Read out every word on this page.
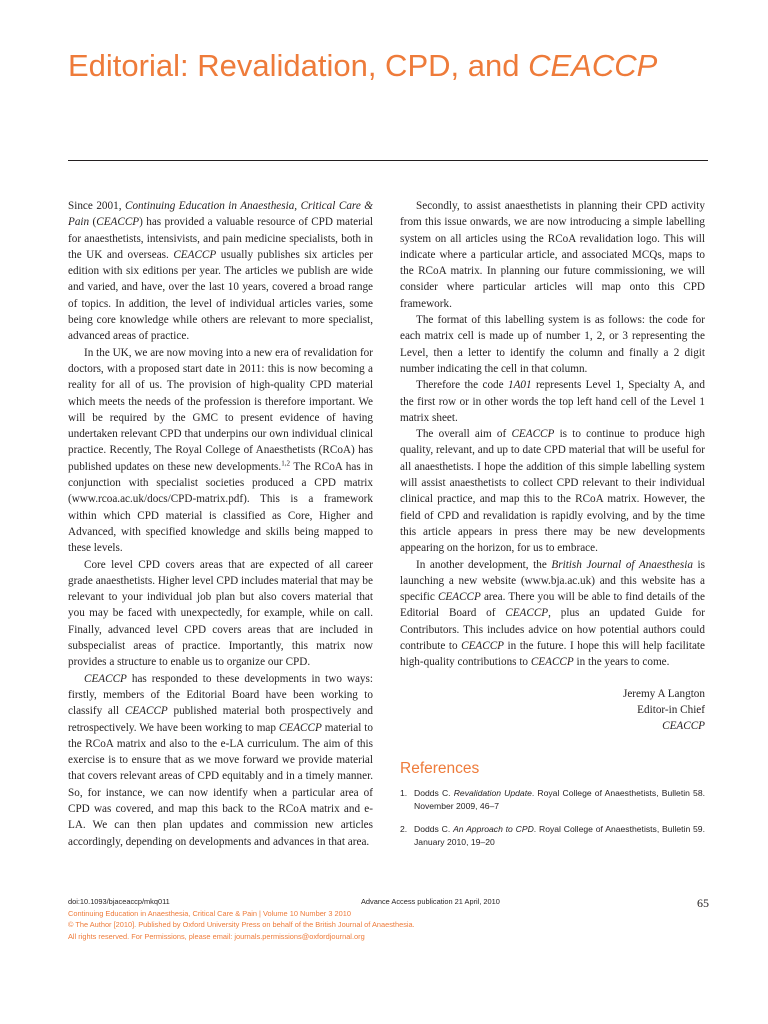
Editorial: Revalidation, CPD, and CEACCP

Since 2001, Continuing Education in Anaesthesia, Critical Care & Pain (CEACCP) has provided a valuable resource of CPD material for anaesthetists, intensivists, and pain medicine specialists, both in the UK and overseas. CEACCP usually publishes six articles per edition with six editions per year. The articles we publish are wide and varied, and have, over the last 10 years, covered a broad range of topics. In addition, the level of individual articles varies, some being core knowledge while others are relevant to more specialist, advanced areas of practice.

In the UK, we are now moving into a new era of revalidation for doctors, with a proposed start date in 2011: this is now becoming a reality for all of us. The provision of high-quality CPD material which meets the needs of the profession is therefore important. We will be required by the GMC to present evidence of having undertaken relevant CPD that underpins our own individual clinical practice. Recently, The Royal College of Anaesthetists (RCoA) has published updates on these new developments.$^{1,2}$ The RCoA has in conjunction with specialist societies produced a CPD matrix (www.rcoa.ac.uk/docs/CPD-matrix.pdf). This is a framework within which CPD material is classified as Core, Higher and Advanced, with specified knowledge and skills being mapped to these levels.

Core level CPD covers areas that are expected of all career grade anaesthetists. Higher level CPD includes material that may be relevant to your individual job plan but also covers material that you may be faced with unexpectedly, for example, while on call. Finally, advanced level CPD covers areas that are included in subspecialist areas of practice. Importantly, this matrix now provides a structure to enable us to organize our CPD.

CEACCP has responded to these developments in two ways: firstly, members of the Editorial Board have been working to classify all CEACCP published material both prospectively and retrospectively. We have been working to map CEACCP material to the RCoA matrix and also to the e-LA curriculum. The aim of this exercise is to ensure that as we move forward we provide material that covers relevant areas of CPD equitably and in a timely manner. So, for instance, we can now identify when a particular area of CPD was covered, and map this back to the RCoA matrix and e-LA. We can then plan updates and commission new articles accordingly, depending on developments and advances in that area.

Secondly, to assist anaesthetists in planning their CPD activity from this issue onwards, we are now introducing a simple labelling system on all articles using the RCoA revalidation logo. This will indicate where a particular article, and associated MCQs, maps to the RCoA matrix. In planning our future commissioning, we will consider where particular articles will map onto this CPD framework.

The format of this labelling system is as follows: the code for each matrix cell is made up of number 1, 2, or 3 representing the Level, then a letter to identify the column and finally a 2 digit number indicating the cell in that column.

Therefore the code 1A01 represents Level 1, Specialty A, and the first row or in other words the top left hand cell of the Level 1 matrix sheet.

The overall aim of CEACCP is to continue to produce high quality, relevant, and up to date CPD material that will be useful for all anaesthetists. I hope the addition of this simple labelling system will assist anaesthetists to collect CPD relevant to their individual clinical practice, and map this to the RCoA matrix. However, the field of CPD and revalidation is rapidly evolving, and by the time this article appears in press there may be new developments appearing on the horizon, for us to embrace.

In another development, the British Journal of Anaesthesia is launching a new website (www.bja.ac.uk) and this website has a specific CEACCP area. There you will be able to find details of the Editorial Board of CEACCP, plus an updated Guide for Contributors. This includes advice on how potential authors could contribute to CEACCP in the future. I hope this will help facilitate high-quality contributions to CEACCP in the years to come.

Jeremy A Langton
Editor-in Chief
CEACCP
References
1. Dodds C. Revalidation Update. Royal College of Anaesthetists, Bulletin 58. November 2009, 46–7
2. Dodds C. An Approach to CPD. Royal College of Anaesthetists, Bulletin 59. January 2010, 19–20
doi:10.1093/bjaceaccp/mkq011	Advance Access publication 21 April, 2010
Continuing Education in Anaesthesia, Critical Care & Pain | Volume 10 Number 3 2010
© The Author [2010]. Published by Oxford University Press on behalf of the British Journal of Anaesthesia.
All rights reserved. For Permissions, please email: journals.permissions@oxfordjournal.org
65
